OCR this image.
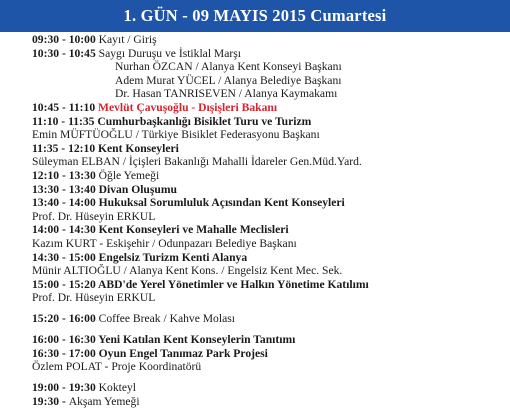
1. GÜN - 09 MAYIS 2015 Cumartesi
09:30 - 10:00 Kayıt / Giriş
10:30 - 10:45 Saygı Duruşu ve İstiklal Marşı
Nurhan ÖZCAN / Alanya Kent Konseyi Başkanı
Adem Murat YÜCEL / Alanya Belediye Başkanı
Dr. Hasan TANRISEVEN / Alanya Kaymakamı
10:45 - 11:10 Mevlüt Çavuşoğlu - Dışişleri Bakanı
11:10 - 11:35 Cumhurbaşkanlığı Bisiklet Turu ve Turizm
Emin MÜFTÜOĞLU / Türkiye Bisiklet Federasyonu Başkanı
11:35 - 12:10 Kent Konseyleri
Süleyman ELBAN / İçişleri Bakanlığı Mahalli İdareler Gen.Müd.Yard.
12:10 - 13:30 Öğle Yemeği
13:30 - 13:40 Divan Oluşumu
13:40 - 14:00 Hukuksal Sorumluluk Açısından Kent Konseyleri
Prof. Dr. Hüseyin ERKUL
14:00 - 14:30 Kent Konseyleri ve Mahalle Meclisleri
Kazım KURT - Eskişehir / Odunpazarı Belediye Başkanı
14:30 - 15:00 Engelsiz Turizm Kenti Alanya
Münir ALTIOĞLU / Alanya Kent Kons. / Engelsiz Kent Mec. Sek.
15:00 - 15:20 ABD'de Yerel Yönetimler ve Halkın Yönetime Katılımı
Prof. Dr. Hüseyin ERKUL
15:20 - 16:00 Coffee Break / Kahve Molası
16:00 - 16:30 Yeni Katılan Kent Konseylerin Tanıtımı
16:30 - 17:00 Oyun Engel Tanımaz Park Projesi
Özlem POLAT - Proje Koordinatörü
19:00 - 19:30 Kokteyl
19:30 - Akşam Yemeği
